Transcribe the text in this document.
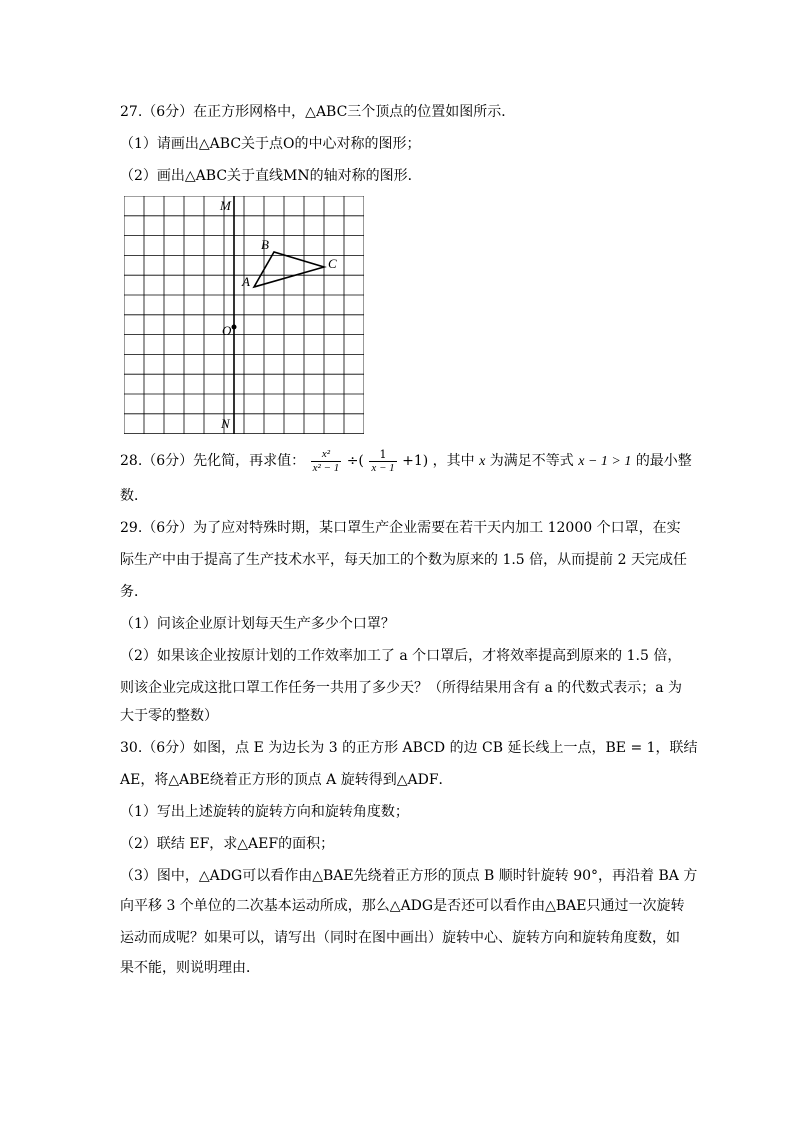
27.（6分）在正方形网格中，△ABC三个顶点的位置如图所示．
（1）请画出△ABC关于点O的中心对称的图形；
（2）画出△ABC关于直线MN的轴对称的图形．
M
N
O
A
B
C
28.（6分）先化简，再求值： $\frac{\text{x²}}{\text{x² − 1}}$ ÷( $\frac{1}{x - 1} +1$) ，其中 x 为满足不等式 x − 1 > 1 的最小整
数．
29.（6分）为了应对特殊时期，某口罩生产企业需要在若干天内加工 12000 个口罩，在实
际生产中由于提高了生产技术水平，每天加工的个数为原来的 1.5 倍，从而提前 2 天完成任
务．
（1）问该企业原计划每天生产多少个口罩？
（2）如果该企业按原计划的工作效率加工了 a 个口罩后，才将效率提高到原来的 1.5 倍，
则该企业完成这批口罩工作任务一共用了多少天？（所得结果用含有 a 的代数式表示；a 为
大于零的整数）
30.（6分）如图，点 E 为边长为 3 的正方形 ABCD 的边 CB 延长线上一点，BE = 1，联结
AE，将△ABE绕着正方形的顶点 A 旋转得到△ADF．
（1）写出上述旋转的旋转方向和旋转角度数；
（2）联结 EF，求△AEF的面积；
（3）图中，△ADG可以看作由△BAE先绕着正方形的顶点 B 顺时针旋转 90°，再沿着 BA 方
向平移 3 个单位的二次基本运动所成，那么△ADG是否还可以看作由△BAE只通过一次旋转
运动而成呢？如果可以，请写出（同时在图中画出）旋转中心、旋转方向和旋转角度数，如
果不能，则说明理由．
